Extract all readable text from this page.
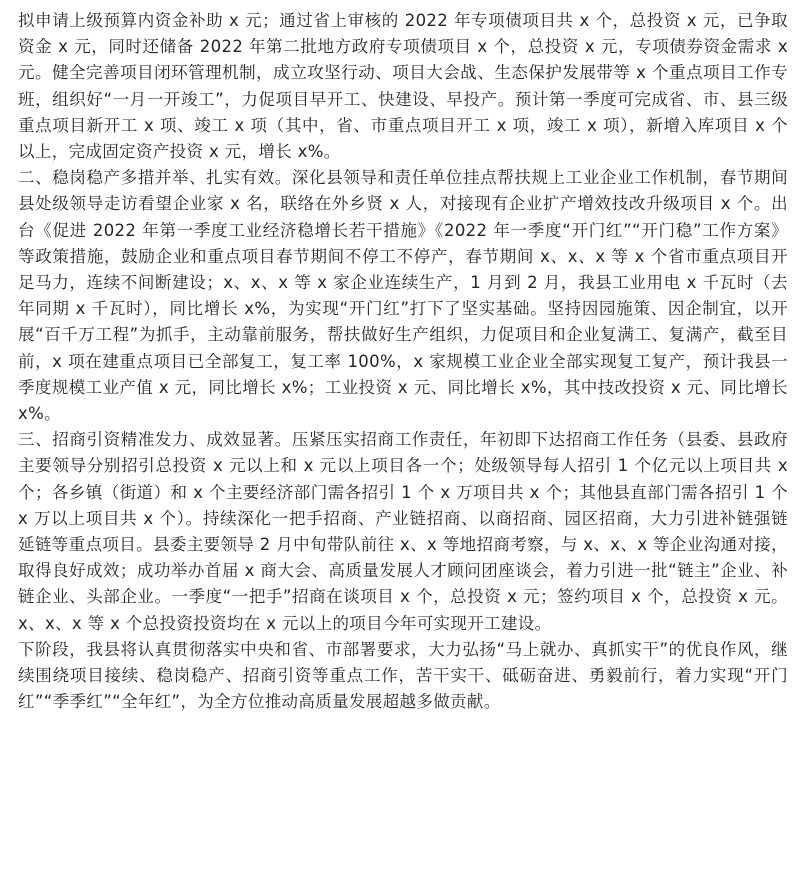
拟申请上级预算内资金补助 x 元；通过省上审核的 2022 年专项债项目共 x 个，总投资 x 元，已争取资金 x 元，同时还储备 2022 年第二批地方政府专项债项目 x 个，总投资 x 元，专项债券资金需求 x 元。健全完善项目闭环管理机制，成立攻坚行动、项目大会战、生态保护发展带等 x 个重点项目工作专班，组织好“一月一开竣工”，力促项目早开工、快建设、早投产。预计第一季度可完成省、市、县三级重点项目新开工 x 项、竣工 x 项（其中，省、市重点项目开工 x 项，竣工 x 项），新增入库项目 x 个以上，完成固定资产投资 x 元，增长 x%。

二、稳岗稳产多措并举、扎实有效。深化县领导和责任单位挂点帮扶规上工业企业工作机制，春节期间县处级领导走访看望企业家 x 名，联络在外乡贤 x 人，对接现有企业扩产增效技改升级项目 x 个。出台《促进 2022 年第一季度工业经济稳增长若干措施》《2022 年一季度“开门红”“开门稳”工作方案》等政策措施，鼓励企业和重点项目春节期间不停工不停产，春节期间 x、x、x 等 x 个省市重点项目开足马力，连续不间断建设；x、x、x 等 x 家企业连续生产，1 月到 2 月，我县工业用电 x 千瓦时（去年同期 x 千瓦时），同比增长 x%，为实现“开门红”打下了坚实基础。坚持因园施策、因企制宜，以开展“百千万工程”为抓手，主动靠前服务，帮扶做好生产组织，力促项目和企业复满工、复满产，截至目前，x 项在建重点项目已全部复工，复工率 100%，x 家规模工业企业全部实现复工复产，预计我县一季度规模工业产值 x 元，同比增长 x%；工业投资 x 元、同比增长 x%，其中技改投资 x 元、同比增长 x%。

三、招商引资精准发力、成效显著。压紧压实招商工作责任，年初即下达招商工作任务（县委、县政府主要领导分别招引总投资 x 元以上和 x 元以上项目各一个；处级领导每人招引 1 个亿元以上项目共 x 个；各乡镇（街道）和 x 个主要经济部门需各招引 1 个 x 万项目共 x 个；其他县直部门需各招引 1 个 x 万以上项目共 x 个）。持续深化一把手招商、产业链招商、以商招商、园区招商，大力引进补链强链延链等重点项目。县委主要领导 2 月中旬带队前往 x、x 等地招商考察，与 x、x、x 等企业沟通对接，取得良好成效；成功举办首届 x 商大会、高质量发展人才顾问团座谈会，着力引进一批“链主”企业、补链企业、头部企业。一季度“一把手”招商在谈项目 x 个，总投资 x 元；签约项目 x 个，总投资 x 元。x、x、x 等 x 个总投资投资均在 x 元以上的项目今年可实现开工建设。

下阶段，我县将认真贯彻落实中央和省、市部署要求，大力弘扬“马上就办、真抓实干”的优良作风，继续围绕项目接续、稳岗稳产、招商引资等重点工作，苦干实干、砥砺奋进、勇毅前行，着力实现“开门红”“季季红”“全年红”，为全方位推动高质量发展超越多做贡献。
